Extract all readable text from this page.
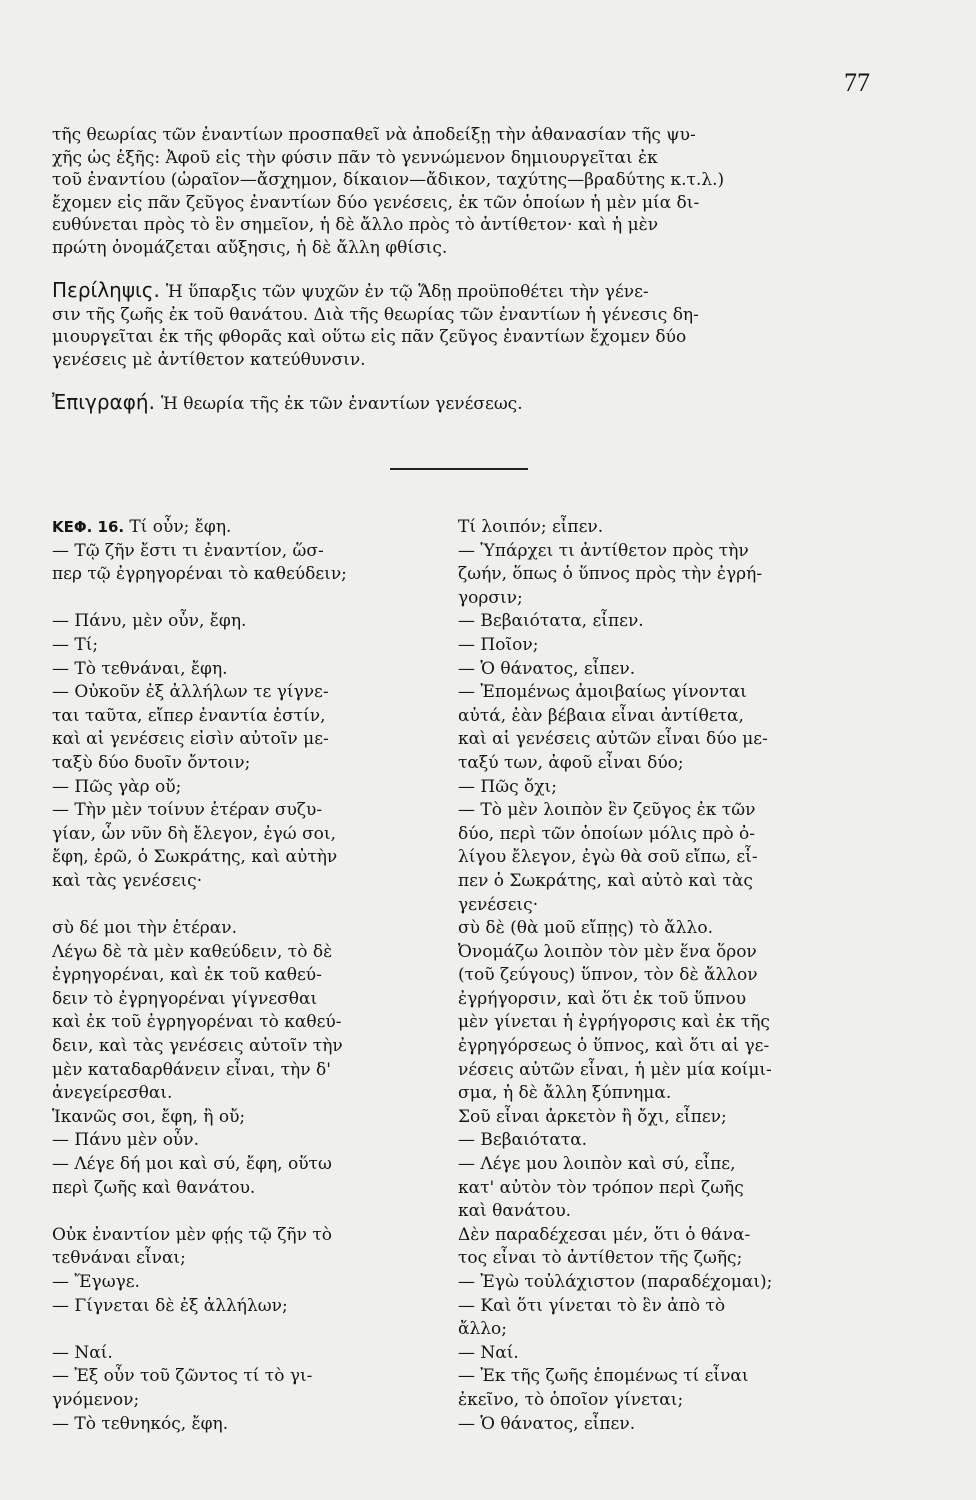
77

τῆς θεωρίας τῶν ἐναντίων προσπαθεῖ νὰ ἀποδείξῃ τὴν ἀθανασίαν τῆς ψυ-

χῆς ὡς ἑξῆς: Ἀφοῦ εἰς τὴν φύσιν πᾶν τὸ γεννώμενον δημιουργεῖται ἐκ

τοῦ ἐναντίου (ὡραῖον—ἄσχημον, δίκαιον—ἄδικον, ταχύτης—βραδύτης κ.τ.λ.)

ἔχομεν εἰς πᾶν ζεῦγος ἐναντίων δύο γενέσεις, ἐκ τῶν ὁποίων ἡ μὲν μία δι-

ευθύνεται πρὸς τὸ ἓν σημεῖον, ἡ δὲ ἄλλο πρὸς τὸ ἀντίθετον· καὶ ἡ μὲν

πρώτη ὀνομάζεται αὔξησις, ἡ δὲ ἄλλη φθίσις.

Περίληψις. Ἡ ὕπαρξις τῶν ψυχῶν ἐν τῷ Ἅδῃ προϋποθέτει τὴν γένε-

σιν τῆς ζωῆς ἐκ τοῦ θανάτου. Διὰ τῆς θεωρίας τῶν ἐναντίων ἡ γένεσις δη-

μιουργεῖται ἐκ τῆς φθορᾶς καὶ οὕτω εἰς πᾶν ζεῦγος ἐναντίων ἔχομεν δύο

γενέσεις μὲ ἀντίθετον κατεύθυνσιν.

Ἐπιγραφή. Ἡ θεωρία τῆς ἐκ τῶν ἐναντίων γενέσεως.

ΚΕΦ. 16. Τί οὖν; ἔφη.

— Τῷ ζῆν ἔστι τι ἐναντίον, ὥσ-

περ τῷ ἐγρηγορέναι τὸ καθεύδειν;

— Πάνυ, μὲν οὖν, ἔφη.

— Τί;

— Τὸ τεθνάναι, ἔφη.

— Οὐκοῦν ἐξ ἀλλήλων τε γίγνε-

ται ταῦτα, εἴπερ ἐναντία ἐστίν,

καὶ αἱ γενέσεις εἰσὶν αὐτοῖν με-

ταξὺ δύο δυοῖν ὄντοιν;

— Πῶς γὰρ οὔ;

— Τὴν μὲν τοίνυν ἑτέραν συζυ-

γίαν, ὧν νῦν δὴ ἔλεγον, ἐγώ σοι,

ἔφη, ἐρῶ, ὁ Σωκράτης, καὶ αὐτὴν

καὶ τὰς γενέσεις·

σὺ δέ μοι τὴν ἑτέραν.

Λέγω δὲ τὰ μὲν καθεύδειν, τὸ δὲ

ἐγρηγορέναι, καὶ ἐκ τοῦ καθεύ-

δειν τὸ ἐγρηγορέναι γίγνεσθαι

καὶ ἐκ τοῦ ἐγρηγορέναι τὸ καθεύ-

δειν, καὶ τὰς γενέσεις αὐτοῖν τὴν

μὲν καταδαρθάνειν εἶναι, τὴν δ'

ἀνεγείρεσθαι.

Ἱκανῶς σοι, ἔφη, ἢ οὔ;

— Πάνυ μὲν οὖν.

— Λέγε δή μοι καὶ σύ, ἔφη, οὕτω

περὶ ζωῆς καὶ θανάτου.

Οὐκ ἐναντίον μὲν φῄς τῷ ζῆν τὸ

τεθνάναι εἶναι;

— Ἔγωγε.

— Γίγνεται δὲ ἐξ ἀλλήλων;

— Ναί.

— Ἐξ οὖν τοῦ ζῶντος τί τὸ γι-

γνόμενον;

— Τὸ τεθνηκός, ἔφη.

Τί λοιπόν; εἶπεν.

— Ὑπάρχει τι ἀντίθετον πρὸς τὴν

ζωήν, ὅπως ὁ ὕπνος πρὸς τὴν ἐγρή-

γορσιν;

— Βεβαιότατα, εἶπεν.

— Ποῖον;

— Ὁ θάνατος, εἶπεν.

— Ἐπομένως ἀμοιβαίως γίνονται

αὐτά, ἐὰν βέβαια εἶναι ἀντίθετα,

καὶ αἱ γενέσεις αὐτῶν εἶναι δύο με-

ταξύ των, ἀφοῦ εἶναι δύο;

— Πῶς ὄχι;

— Τὸ μὲν λοιπὸν ἓν ζεῦγος ἐκ τῶν

δύο, περὶ τῶν ὁποίων μόλις πρὸ ὀ-

λίγου ἔλεγον, ἐγὼ θὰ σοῦ εἴπω, εἶ-

πεν ὁ Σωκράτης, καὶ αὐτὸ καὶ τὰς

γενέσεις·

σὺ δὲ (θὰ μοῦ εἴπῃς) τὸ ἄλλο.

Ὀνομάζω λοιπὸν τὸν μὲν ἕνα ὅρον

(τοῦ ζεύγους) ὕπνον, τὸν δὲ ἄλλον

ἐγρήγορσιν, καὶ ὅτι ἐκ τοῦ ὕπνου

μὲν γίνεται ἡ ἐγρήγορσις καὶ ἐκ τῆς

ἐγρηγόρσεως ὁ ὕπνος, καὶ ὅτι αἱ γε-

νέσεις αὐτῶν εἶναι, ἡ μὲν μία κοίμι-

σμα, ἡ δὲ ἄλλη ξύπνημα.

Σοῦ εἶναι ἀρκετὸν ἢ ὄχι, εἶπεν;

— Βεβαιότατα.

— Λέγε μου λοιπὸν καὶ σύ, εἶπε,

κατ' αὐτὸν τὸν τρόπον περὶ ζωῆς

καὶ θανάτου.

Δὲν παραδέχεσαι μέν, ὅτι ὁ θάνα-

τος εἶναι τὸ ἀντίθετον τῆς ζωῆς;

— Ἐγὼ τοὐλάχιστον (παραδέχομαι);

— Καὶ ὅτι γίνεται τὸ ἓν ἀπὸ τὸ

ἄλλο;

— Ναί.

— Ἐκ τῆς ζωῆς ἑπομένως τί εἶναι

ἐκεῖνο, τὸ ὁποῖον γίνεται;

— Ὁ θάνατος, εἶπεν.
